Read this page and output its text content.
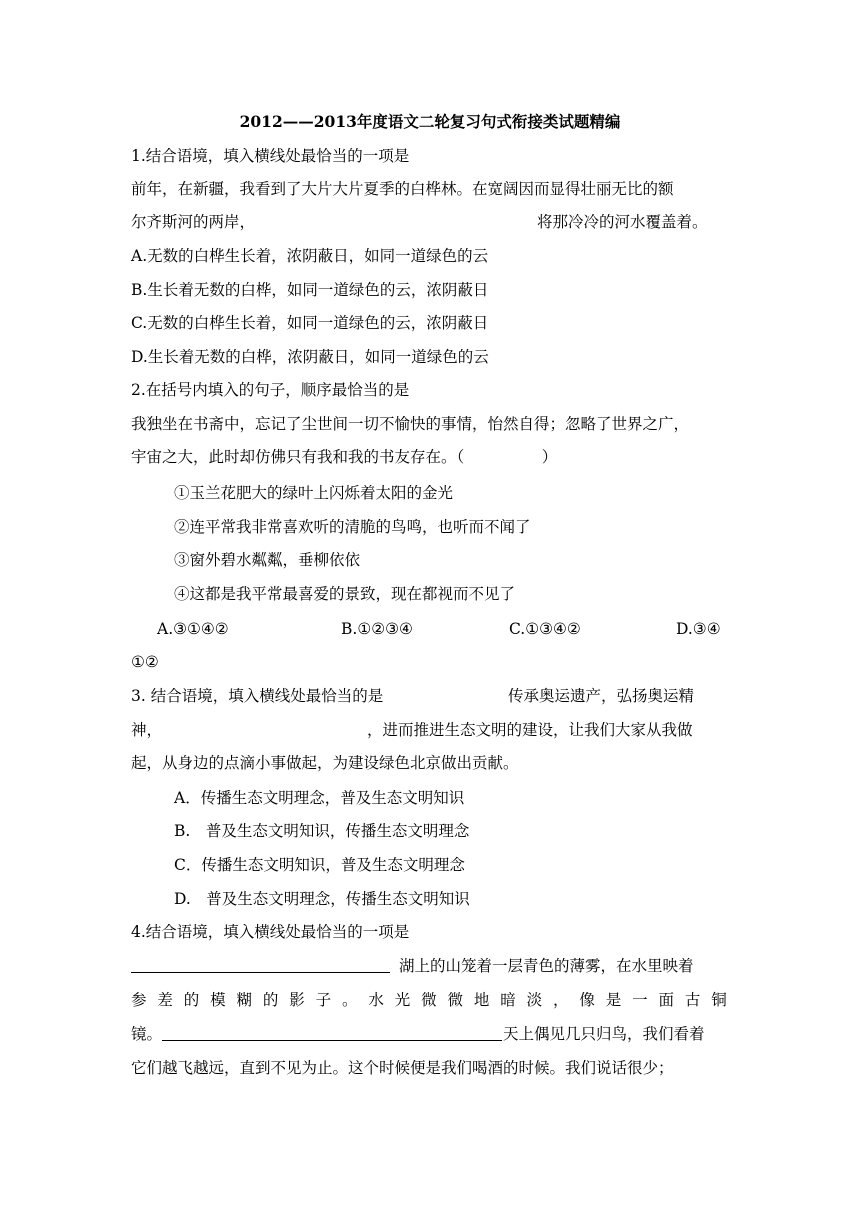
2012——2013年度语文二轮复习句式衔接类试题精编
1.结合语境，填入横线处最恰当的一项是
前年，在新疆，我看到了大片大片夏季的白桦林。在宽阔因而显得壮丽无比的额
尔齐斯河的两岸，	将那冷冷的河水覆盖着。
A.无数的白桦生长着，浓阴蔽日，如同一道绿色的云
B.生长着无数的白桦，如同一道绿色的云，浓阴蔽日
C.无数的白桦生长着，如同一道绿色的云，浓阴蔽日
D.生长着无数的白桦，浓阴蔽日，如同一道绿色的云
2.在括号内填入的句子，顺序最恰当的是
我独坐在书斋中，忘记了尘世间一切不愉快的事情，怡然自得；忽略了世界之广，
宇宙之大，此时却仿佛只有我和我的书友存在。（　　　　　）
①玉兰花肥大的绿叶上闪烁着太阳的金光
②连平常我非常喜欢听的清脆的鸟鸣，也听而不闻了
③窗外碧水粼粼，垂柳依依
④这都是我平常最喜爱的景致，现在都视而不见了
A.③①④②	B.①②③④	C.①③④②	D.③④
①②
3. 结合语境，填入横线处最恰当的是	传承奥运遗产，弘扬奥运精
神，	，进而推进生态文明的建设，让我们大家从我做
起，从身边的点滴小事做起，为建设绿色北京做出贡献。
A．传播生态文明理念，普及生态文明知识
B.　普及生态文明知识，传播生态文明理念
C．传播生态文明知识，普及生态文明理念
D.　普及生态文明理念，传播生态文明知识
4.结合语境，填入横线处最恰当的一项是
湖上的山笼着一层青色的薄雾，在水里映着
参 差 的 模 糊 的 影 子 。 水 光 微 微 地 暗 淡 ， 像 是 一 面 古 铜
镜。	天上偶见几只归鸟，我们看着
它们越飞越远，直到不见为止。这个时候便是我们喝酒的时候。我们说话很少；
